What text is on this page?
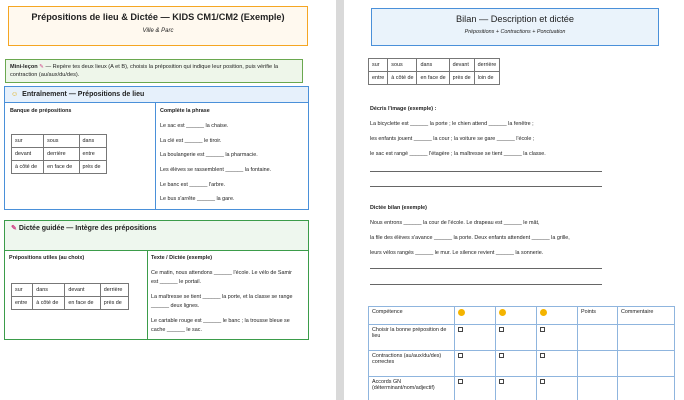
Prépositions de lieu & Dictée — KIDS CM1/CM2 (Exemple)
Ville & Parc
Mini-leçon ✎ — Repère tes deux lieux (A et B), choisis la préposition qui indique leur position, puis vérifie la contraction (au/aux/du/des).
☺ Entraînement — Prépositions de lieu
Banque de prépositions
sur	sous	dans
devant	derrière	entre
à côté de	en face de	près de
Complète la phrase
Le sac est ______ la chaise.
La clé est ______ le tiroir.
La boulangerie est ______ la pharmacie.
Les élèves se rassemblent ______ la fontaine.
Le banc est ______ l'arbre.
Le bus s'arrête ______ la gare.
✎ Dictée guidée — Intègre des prépositions
Prépositions utiles (au choix)
sur	dans	devant	derrière
entre	à côté de	en face de	près de
Texte / Dictée (exemple)
Ce matin, nous attendons ______ l'école. Le vélo de Samir
est ______ le portail.
La maîtresse se tient ______ la porte, et la classe se range
______ deux lignes.
Le cartable rouge est ______ le banc ; la trousse bleue se
cache ______ le sac.
Bilan — Description et dictée
Prépositions + Contractions + Ponctuation
sur	sous	dans	devant	derrière
entre	à côté de	en face de	près de	loin de
Décris l'image (exemple) :
La bicyclette est ______ la porte ; le chien attend ______ la fenêtre ;
les enfants jouent ______ la cour ; la voiture se gare ______ l'école ;
le sac est rangé ______ l'étagère ; la maîtresse se tient ______ la classe.
Dictée bilan (exemple)
Nous entrons ______ la cour de l'école. Le drapeau est ______ le mât,
la file des élèves s'avance ______ la porte. Deux enfants attendent ______ la grille,
leurs vélos rangés ______ le mur. Le silence revient ______ la sonnerie.
Compétence				Points	Commentaire
Choisir la bonne préposition de lieu					
Contractions (au/aux/du/des) correctes					
Accords GN (déterminant/nom/adjectif)					
